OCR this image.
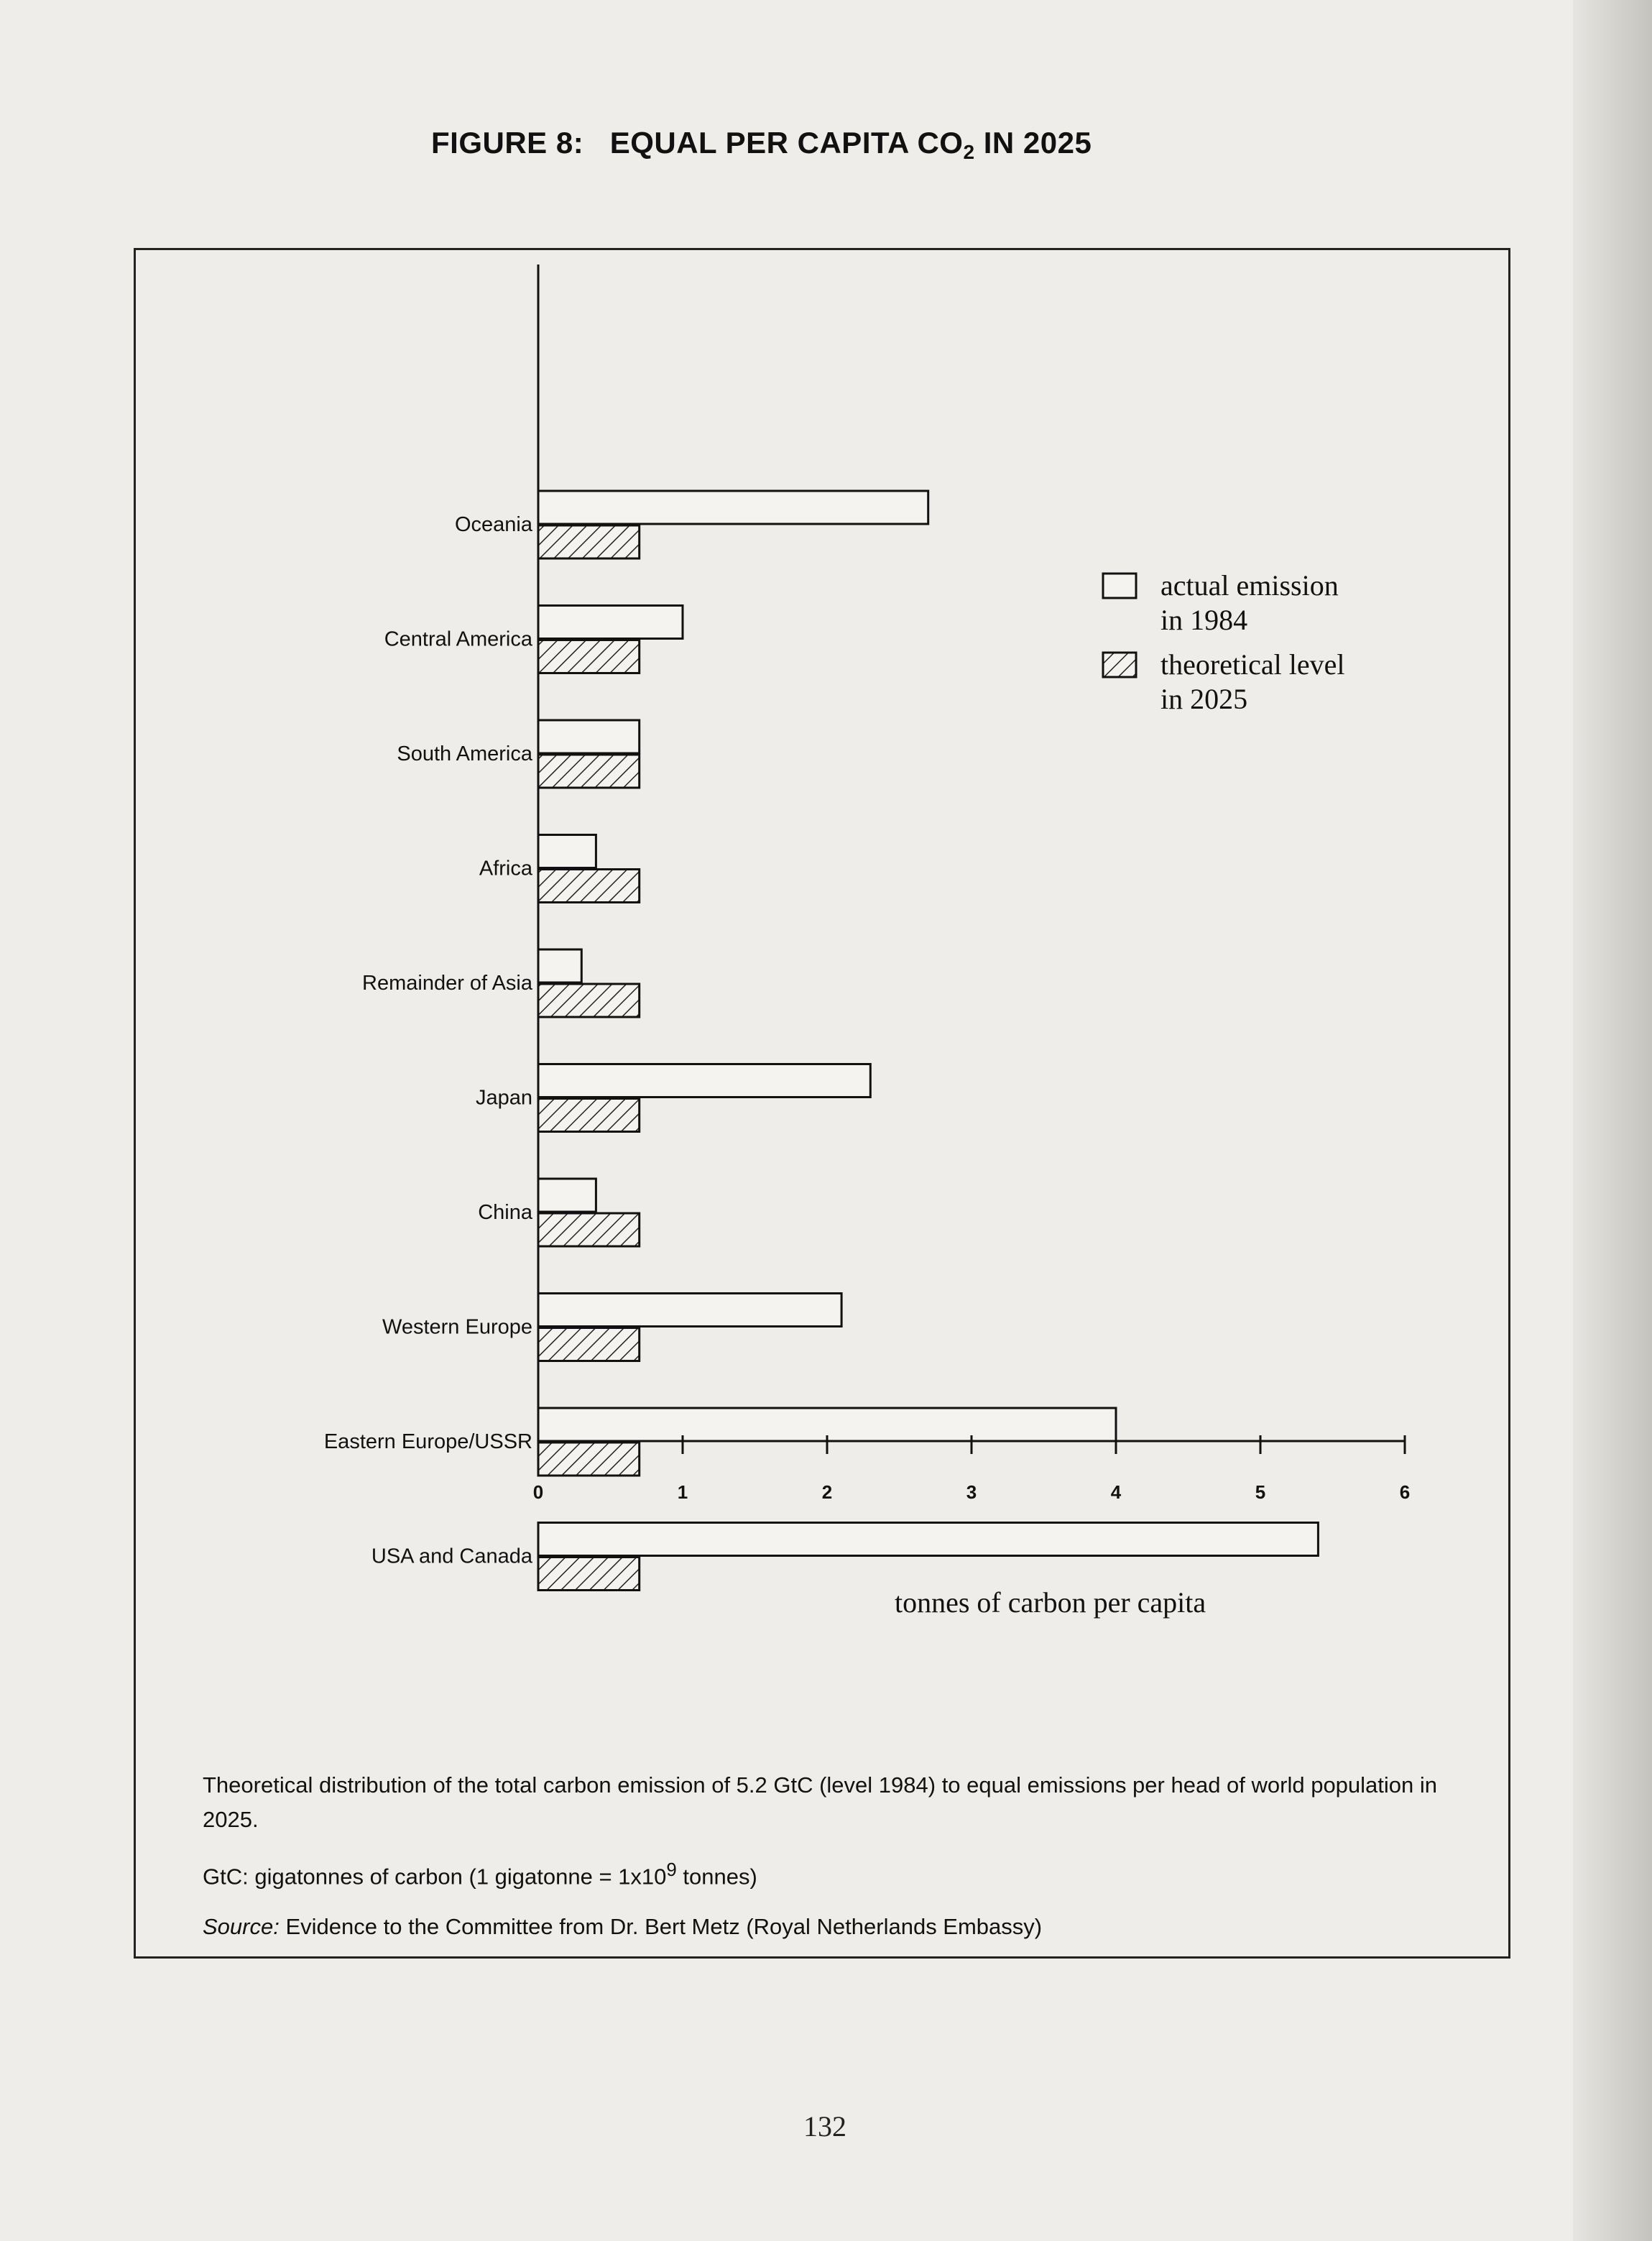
FIGURE 8: EQUAL PER CAPITA $CO_2$ IN 2025
Oceania
Central America
South America
Africa
Remainder of Asia
Japan
China
Western Europe
Eastern Europe/USSR
USA and Canada
0	1	2	3	4	5	6
actual emission
in 1984
theoretical level
in 2025
tonnes of carbon per capita

Theoretical distribution of the total carbon emission of 5.2 GtC (level 1984) to equal emissions per head of world population in 2025.

GtC: gigatonnes of carbon (1 gigatonne = $1x10^9$ tonnes)

Source: Evidence to the Committee from Dr. Bert Metz (Royal Netherlands Embassy)

132
